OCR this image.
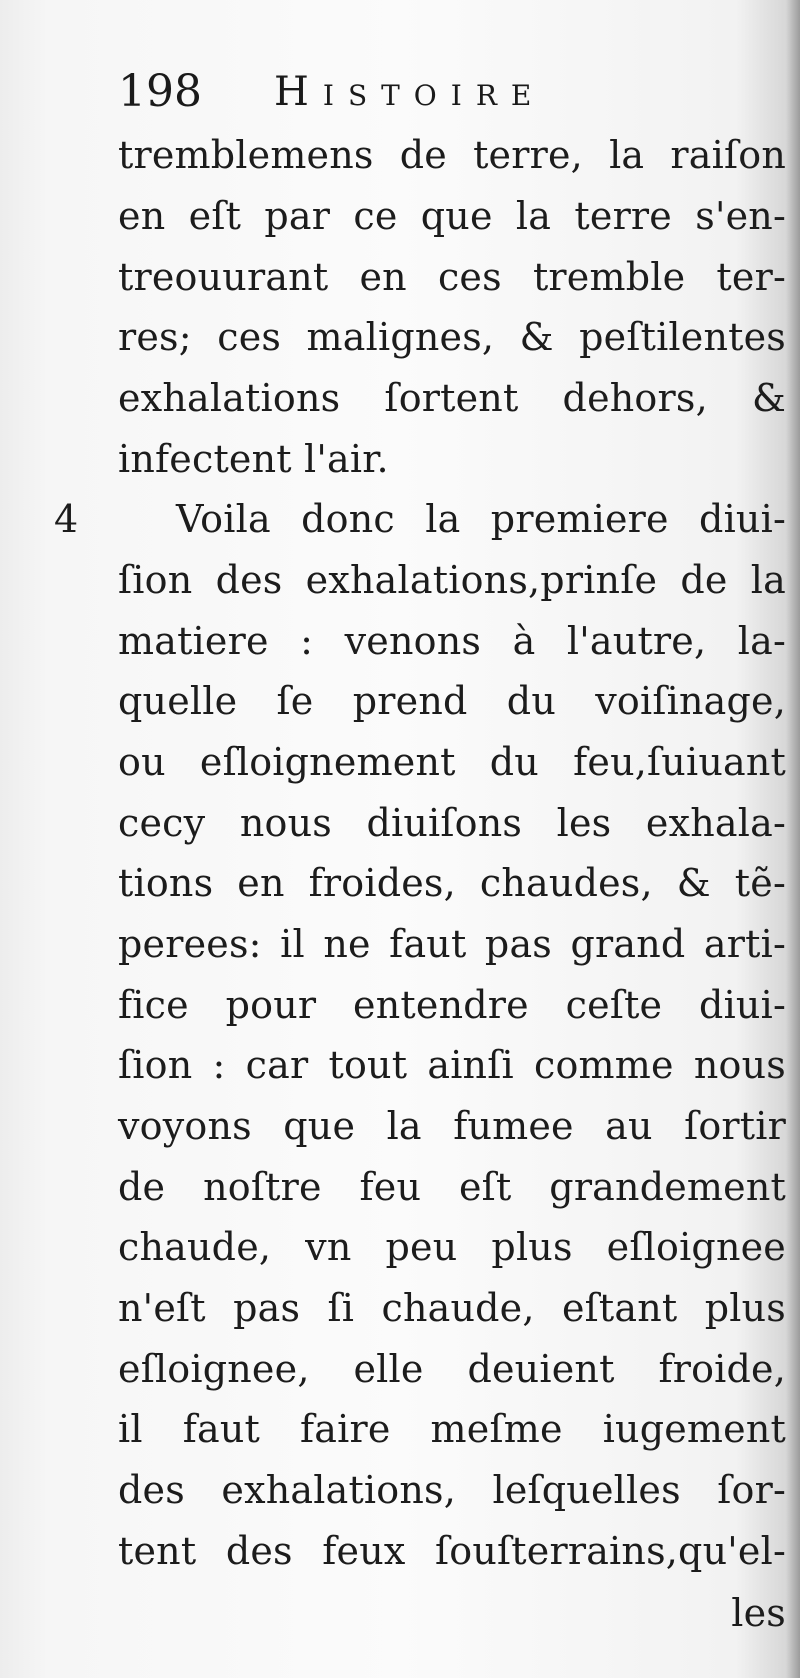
198 Histoire

tremblemens de terre, la raiſon

en eſt par ce que la terre s'en-

treouurant en ces tremble ter-

res; ces malignes, & peſtilentes

exhalations ſortent dehors, &

infectent l'air.

4	Voila donc la premiere diui-

ſion des exhalations,prinſe de la

matiere : venons à l'autre, la-

quelle ſe prend du voiſinage,

ou eſloignement du feu,ſuiuant

cecy nous diuiſons les exhala-

tions en froides, chaudes, & tẽ-

perees: il ne faut pas grand arti-

fice pour entendre ceſte diui-

ſion : car tout ainſi comme nous

voyons que la fumee au ſortir

de noſtre feu eſt grandement

chaude, vn peu plus eſloignee

n'eſt pas ſi chaude, eſtant plus

eſloignee, elle deuient froide,

il faut faire meſme iugement

des exhalations, leſquelles ſor-

tent des feux ſouſterrains,qu'el-

les
